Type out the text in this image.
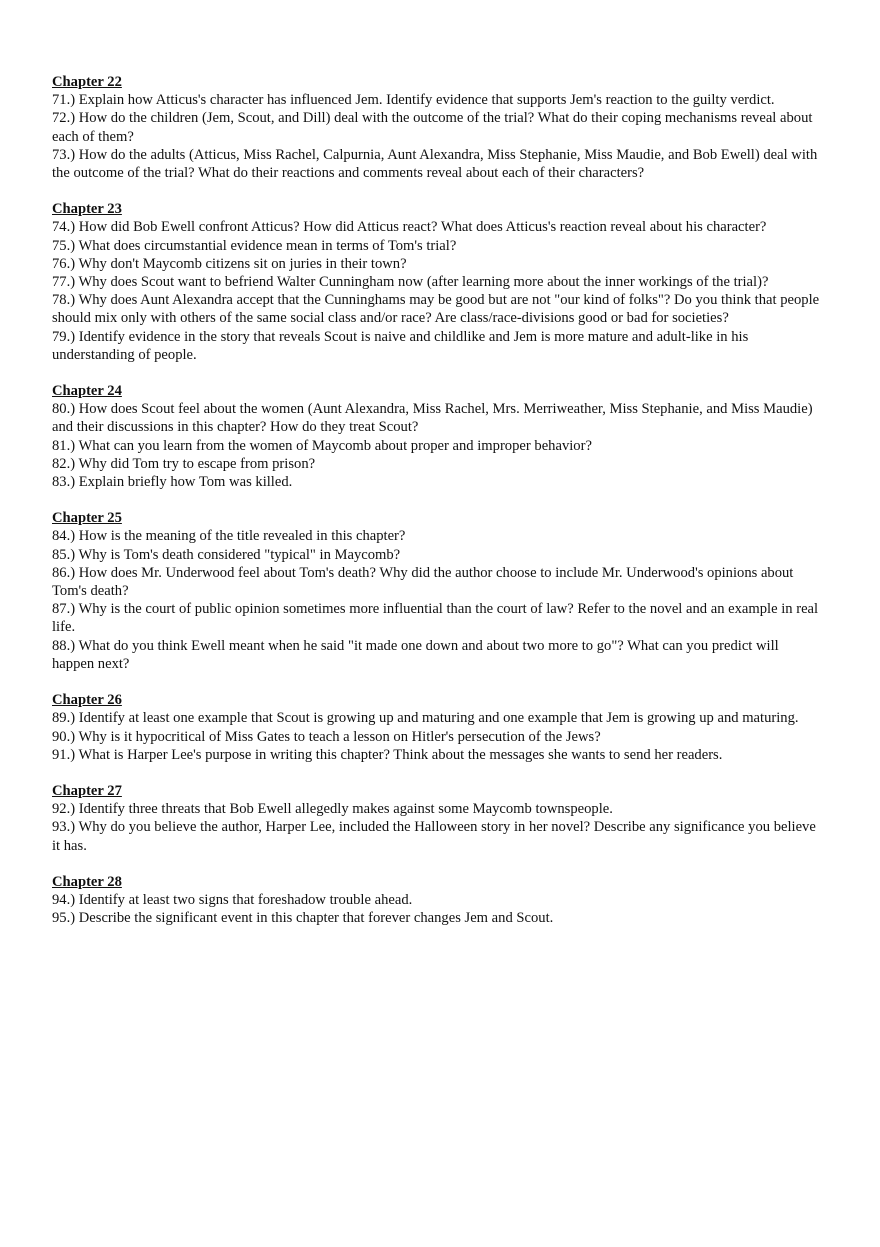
Chapter 22

71.) Explain how Atticus's character has influenced Jem. Identify evidence that supports Jem's reaction to the guilty verdict.

72.) How do the children (Jem, Scout, and Dill) deal with the outcome of the trial? What do their coping mechanisms reveal about each of them?

73.) How do the adults (Atticus, Miss Rachel, Calpurnia, Aunt Alexandra, Miss Stephanie, Miss Maudie, and Bob Ewell) deal with the outcome of the trial? What do their reactions and comments reveal about each of their characters?

Chapter 23

74.) How did Bob Ewell confront Atticus? How did Atticus react? What does Atticus's reaction reveal about his character?

75.) What does circumstantial evidence mean in terms of Tom's trial?

76.) Why don't Maycomb citizens sit on juries in their town?

77.) Why does Scout want to befriend Walter Cunningham now (after learning more about the inner workings of the trial)?

78.) Why does Aunt Alexandra accept that the Cunninghams may be good but are not "our kind of folks"? Do you think that people should mix only with others of the same social class and/or race? Are class/race-divisions good or bad for societies?

79.) Identify evidence in the story that reveals Scout is naive and childlike and Jem is more mature and adult-like in his understanding of people.

Chapter 24

80.) How does Scout feel about the women (Aunt Alexandra, Miss Rachel, Mrs. Merriweather, Miss Stephanie, and Miss Maudie) and their discussions in this chapter? How do they treat Scout?

81.) What can you learn from the women of Maycomb about proper and improper behavior?

82.) Why did Tom try to escape from prison?

83.) Explain briefly how Tom was killed.

Chapter 25

84.) How is the meaning of the title revealed in this chapter?

85.) Why is Tom's death considered "typical" in Maycomb?

86.) How does Mr. Underwood feel about Tom's death? Why did the author choose to include Mr. Underwood's opinions about Tom's death?

87.) Why is the court of public opinion sometimes more influential than the court of law? Refer to the novel and an example in real life.

88.) What do you think Ewell meant when he said "it made one down and about two more to go"? What can you predict will happen next?

Chapter 26

89.) Identify at least one example that Scout is growing up and maturing and one example that Jem is growing up and maturing.

90.) Why is it hypocritical of Miss Gates to teach a lesson on Hitler's persecution of the Jews?

91.) What is Harper Lee's purpose in writing this chapter? Think about the messages she wants to send her readers.

Chapter 27

92.) Identify three threats that Bob Ewell allegedly makes against some Maycomb townspeople.

93.) Why do you believe the author, Harper Lee, included the Halloween story in her novel? Describe any significance you believe it has.

Chapter 28

94.) Identify at least two signs that foreshadow trouble ahead.

95.) Describe the significant event in this chapter that forever changes Jem and Scout.
